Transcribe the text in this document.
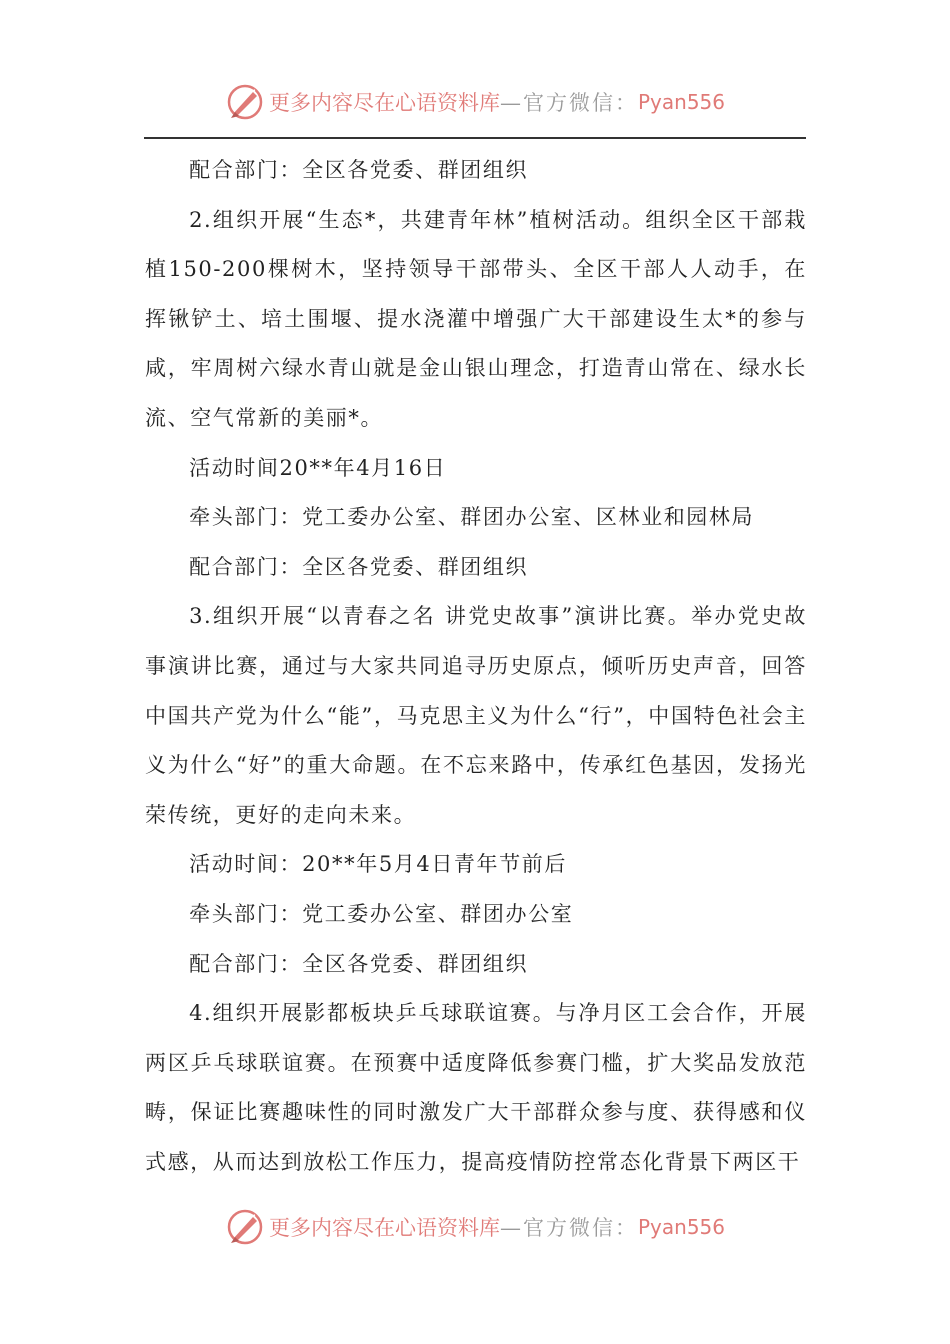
更多内容尽在心语资料库 —官方微信： Pyan556

配合部门：全区各党委、群团组织

2.组织开展“生态*，共建青年林”植树活动。组织全区干部栽植150-200棵树木，坚持领导干部带头、全区干部人人动手，在挥锹铲土、培土围堰、提水浇灌中增强广大干部建设生太*的参与咸，牢周树六绿水青山就是金山银山理念，打造青山常在、绿水长流、空气常新的美丽*。

活动时间20**年4月16日

牵头部门：党工委办公室、群团办公室、区林业和园林局

配合部门：全区各党委、群团组织

3.组织开展“以青春之名 讲党史故事”演讲比赛。举办党史故事演讲比赛，通过与大家共同追寻历史原点，倾听历史声音，回答中国共产党为什么“能”，马克思主义为什么“行”，中国特色社会主义为什么“好”的重大命题。在不忘来路中，传承红色基因，发扬光荣传统，更好的走向未来。

活动时间：20**年5月4日青年节前后

牵头部门：党工委办公室、群团办公室

配合部门：全区各党委、群团组织

4.组织开展影都板块乒乓球联谊赛。与净月区工会合作，开展两区乒乓球联谊赛。在预赛中适度降低参赛门槛，扩大奖品发放范畴，保证比赛趣味性的同时激发广大干部群众参与度、获得感和仪式感，从而达到放松工作压力，提高疫情防控常态化背景下两区干

更多内容尽在心语资料库 —官方微信： Pyan556
